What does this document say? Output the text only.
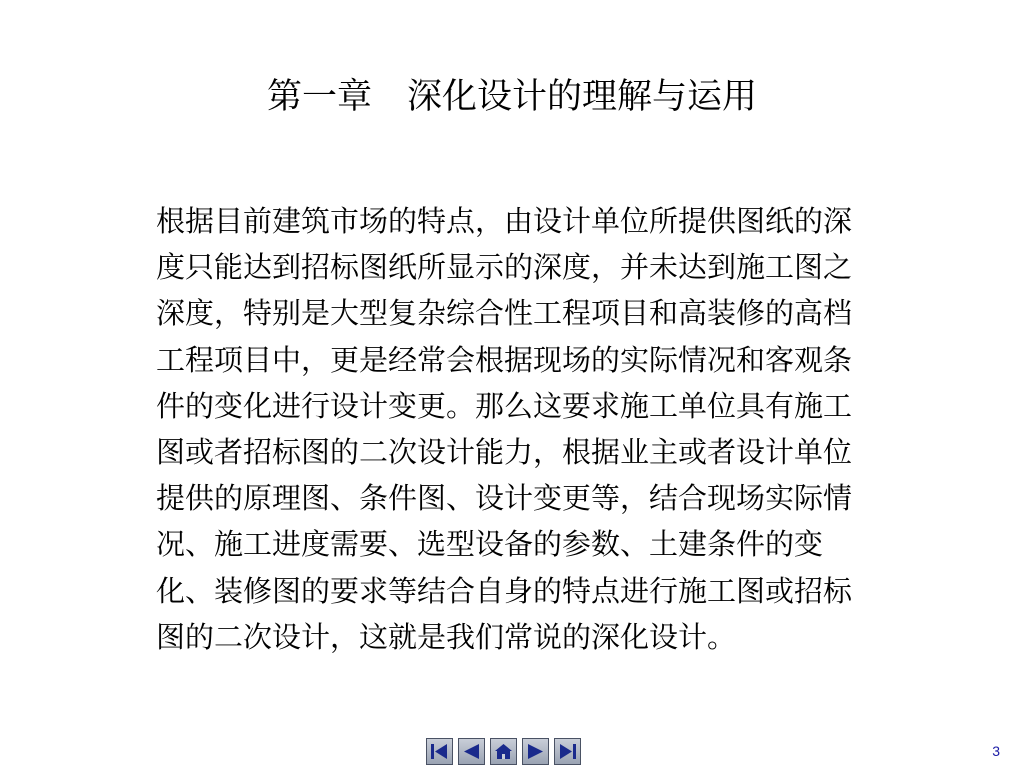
第一章　深化设计的理解与运用
根据目前建筑市场的特点，由设计单位所提供图纸的深
度只能达到招标图纸所显示的深度，并未达到施工图之
深度，特别是大型复杂综合性工程项目和高装修的高档
工程项目中，更是经常会根据现场的实际情况和客观条
件的变化进行设计变更。那么这要求施工单位具有施工
图或者招标图的二次设计能力，根据业主或者设计单位
提供的原理图、条件图、设计变更等，结合现场实际情
况、施工进度需要、选型设备的参数、土建条件的变
化、装修图的要求等结合自身的特点进行施工图或招标
图的二次设计，这就是我们常说的深化设计。
3
